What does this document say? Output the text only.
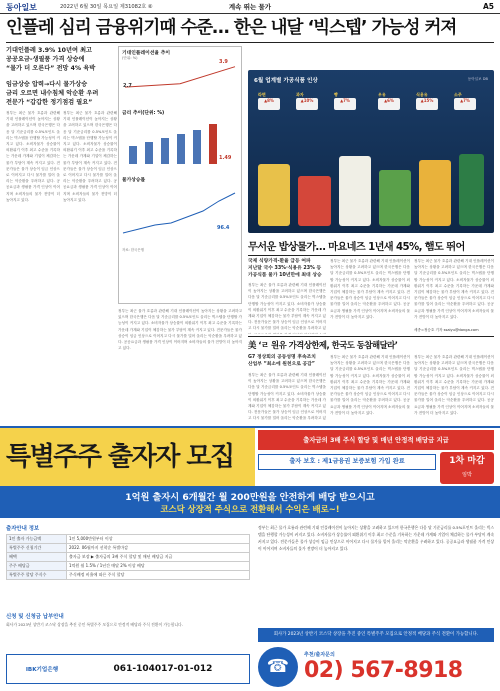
동아일보	2022년 6월 30일 목요일 제31082호 ⑥	계속 뛰는 물가	A5
인플레 심리 금융위기때 수준… 한은 내달 ‘빅스텝’ 가능성 커져
기대인플레 3.9% 10년여 최고
공공요금-생필품 가격 상승에
“물가 더 오른다” 전망 4% 육박
임금상승 압력→다시 물가상승
금리 오르면 내수침체 악순환 우려
전문가 “갑갑한 정기점검 필요”
정부는 최근 물가 흐름과 관련해 기대 인플레이션이 높아지는 상황을 고려하고 있으며 한국은행은 다음 달 기준금리를 0.5%포인트 올리는 빅스텝을 단행할 가능성이 커지고 있다. 소비자물가 상승률이 외환위기 이후 최고 수준을 기록하는 가운데 가계와 기업이 체감하는 물가 부담이 계속 커지고 있다. 전문가들은 물가 상승이 임금 인상으로 이어지고 다시 물가를 밀어 올리는 악순환을 우려하고 있다. 공공요금과 생필품 가격 인상이 이어지며 소비자들의 물가 전망이 더 높아지고 있다.
정부는 최근 물가 흐름과 관련해 기대 인플레이션이 높아지는 상황을 고려하고 있으며 한국은행은 다음 달 기준금리를 0.5%포인트 올리는 빅스텝을 단행할 가능성이 커지고 있다. 소비자물가 상승률이 외환위기 이후 최고 수준을 기록하는 가운데 가계와 기업이 체감하는 물가 부담이 계속 커지고 있다. 전문가들은 물가 상승이 임금 인상으로 이어지고 다시 물가를 밀어 올리는 악순환을 우려하고 있다. 공공요금과 생필품 가격 인상이 이어지며 소비자들의 물가 전망이 더 높아지고 있다.
기대인플레이션율 추이
(단위: %)
3.9
2.7
금리 추이(단위: %)
1.49
물가상승률
96.4
자료: 한국은행
정부는 최근 물가 흐름과 관련해 기대 인플레이션이 높아지는 상황을 고려하고 있으며 한국은행은 다음 달 기준금리를 0.5%포인트 올리는 빅스텝을 단행할 가능성이 커지고 있다. 소비자물가 상승률이 외환위기 이후 최고 수준을 기록하는 가운데 가계와 기업이 체감하는 물가 부담이 계속 커지고 있다. 전문가들은 물가 상승이 임금 인상으로 이어지고 다시 물가를 밀어 올리는 악순환을 우려하고 있다. 공공요금과 생필품 가격 인상이 이어지며 소비자들의 물가 전망이 더 높아지고 있다.
6월 업계별 가공식품 인상	동아일보 DB
라면
▲8%
과자
▲10%
빵
▲7%
우유
▲6%
식용유
▲15%
소주
▲7%
무서운 밥상물가… 마요네즈 1년새 45%, 햄도 뛰어
국제 식량가격-환율 급등 여파
지난달 국수 33%·식용유 23% 등
가공식품 물가 10년만에 최대 상승
정부는 최근 물가 흐름과 관련해 기대 인플레이션이 높아지는 상황을 고려하고 있으며 한국은행은 다음 달 기준금리를 0.5%포인트 올리는 빅스텝을 단행할 가능성이 커지고 있다. 소비자물가 상승률이 외환위기 이후 최고 수준을 기록하는 가운데 가계와 기업이 체감하는 물가 부담이 계속 커지고 있다. 전문가들은 물가 상승이 임금 인상으로 이어지고 다시 물가를 밀어 올리는 악순환을 우려하고 있
정부는 최근 물가 흐름과 관련해 기대 인플레이션이 높아지는 상황을 고려하고 있으며 한국은행은 다음 달 기준금리를 0.5%포인트 올리는 빅스텝을 단행할 가능성이 커지고 있다. 소비자물가 상승률이 외환위기 이후 최고 수준을 기록하는 가운데 가계와 기업이 체감하는 물가 부담이 계속 커지고 있다. 전문가들은 물가 상승이 임금 인상으로 이어지고 다시 물가를 밀어 올리는 악순환을 우려하고 있다. 공공요금과 생필품 가격 인상이 이어지며 소비자들의 물가 전망이 더 높아지고 있다.
정부는 최근 물가 흐름과 관련해 기대 인플레이션이 높아지는 상황을 고려하고 있으며 한국은행은 다음 달 기준금리를 0.5%포인트 올리는 빅스텝을 단행할 가능성이 커지고 있다. 소비자물가 상승률이 외환위기 이후 최고 수준을 기록하는 가운데 가계와 기업이 체감하는 물가 부담이 계속 커지고 있다. 전문가들은 물가 상승이 임금 인상으로 이어지고 다시 물가를 밀어 올리는 악순환을 우려하고 있다. 공공요금과 생필품 가격 인상이 이어지며 소비자들의 물가 전망이 더 높아지고 있다.
세종=정승호 기자 ssaiyu@donga.com
美 ‘ㄹ 원유 가격상한제, 한국도 동참해달라’
G7 정상회의 공동성명 후속조치
산업부 “최소에 원천으로 공감”
정부는 최근 물가 흐름과 관련해 기대 인플레이션이 높아지는 상황을 고려하고 있으며 한국은행은 다음 달 기준금리를 0.5%포인트 올리는 빅스텝을 단행할 가능성이 커지고 있다. 소비자물가 상승률이 외환위기 이후 최고 수준을 기록하는 가운데 가계와 기업이 체감하는 물가 부담이 계속 커지고 있다. 전문가들은 물가 상승이 임금 인상으로 이어지고 다시 물가를 밀어 올리는 악순환을 우려하고 있
정부는 최근 물가 흐름과 관련해 기대 인플레이션이 높아지는 상황을 고려하고 있으며 한국은행은 다음 달 기준금리를 0.5%포인트 올리는 빅스텝을 단행할 가능성이 커지고 있다. 소비자물가 상승률이 외환위기 이후 최고 수준을 기록하는 가운데 가계와 기업이 체감하는 물가 부담이 계속 커지고 있다. 전문가들은 물가 상승이 임금 인상으로 이어지고 다시 물가를 밀어 올리는 악순환을 우려하고 있다. 공공요금과 생필품 가격 인상이 이어지며 소비자들의 물가 전망이 더 높아지고 있다.
정부는 최근 물가 흐름과 관련해 기대 인플레이션이 높아지는 상황을 고려하고 있으며 한국은행은 다음 달 기준금리를 0.5%포인트 올리는 빅스텝을 단행할 가능성이 커지고 있다. 소비자물가 상승률이 외환위기 이후 최고 수준을 기록하는 가운데 가계와 기업이 체감하는 물가 부담이 계속 커지고 있다. 전문가들은 물가 상승이 임금 인상으로 이어지고 다시 물가를 밀어 올리는 악순환을 우려하고 있다. 공공요금과 생필품 가격 인상이 이어지며 소비자들의 물가 전망이 더 높아지고 있다.
특별주주 출자자 모집
출자금의 3배 주식 할당 및 매년 안정적 배당금 지급
출자 보호 : 제1금융권 보증보험 가입 완료	1차 마감
임박
1억원 출자시 6개월간 월 200만원을 안전하게 배당 받으시고
코스닥 상장적 주식으로 전환해서 수익은 배로~!
출자안내 정보
1인 출자 가능금액	1인 5,000만원부터 이상
특별주주 신청기간	2022. 06월까지 선착순 특별마감
혜택	출자금 보장 ▶ 출자금의 3배 주식 할당 및 매년 배당금 지급
주주 배당금	1억원 월 1.5% / 1년간 매달 2% 이상 배당
특별주주 할당 주식수	주식배정 비율에 따른 주식 할당
신청 및 신청금 납부안내
회사가 2023년 상반기 코스닥 상장을 추진 중인 특별주주 모집으로 안정적 배당과 주식 전환이 가능합니다.
IBK기업은행	061-104017-01-012
정부는 최근 물가 흐름과 관련해 기대 인플레이션이 높아지는 상황을 고려하고 있으며 한국은행은 다음 달 기준금리를 0.5%포인트 올리는 빅스텝을 단행할 가능성이 커지고 있다. 소비자물가 상승률이 외환위기 이후 최고 수준을 기록하는 가운데 가계와 기업이 체감하는 물가 부담이 계속 커지고 있다. 전문가들은 물가 상승이 임금 인상으로 이어지고 다시 물가를 밀어 올리는 악순환을 우려하고 있다. 공공요금과 생필품 가격 인상이 이어지며 소비자들의 물가 전망이 더 높아지고 있다.
회사가 2023년 상반기 코스닥 상장을 추진 중인 특별주주 모집으로 안정적 배당과 주식 전환이 가능합니다.
☎
추천/출자문의
02) 567-8918
